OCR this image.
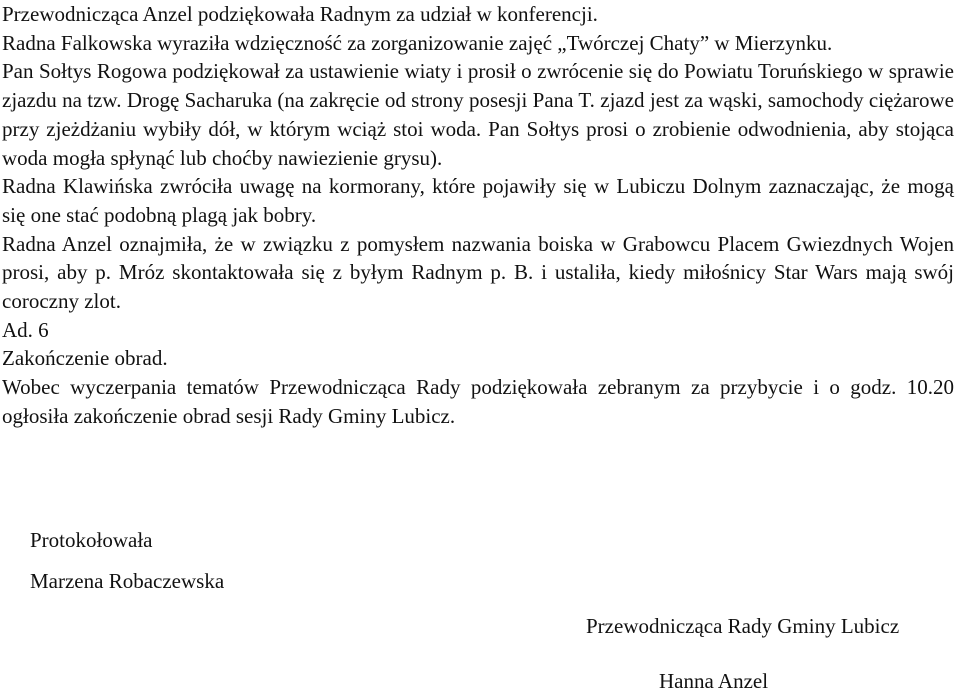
Przewodnicząca Anzel podziękowała Radnym za udział w konferencji.

Radna Falkowska wyraziła wdzięczność za zorganizowanie zajęć „Twórczej Chaty” w Mierzynku.

Pan Sołtys Rogowa podziękował za ustawienie wiaty i prosił o zwrócenie się do Powiatu Toruńskiego w sprawie zjazdu na tzw. Drogę Sacharuka (na zakręcie od strony posesji Pana T. zjazd jest za wąski, samochody ciężarowe przy zjeżdżaniu wybiły dół, w którym wciąż stoi woda. Pan Sołtys prosi o zrobienie odwodnienia, aby stojąca woda mogła spłynąć lub choćby nawiezienie grysu).

Radna Klawińska zwróciła uwagę na kormorany, które pojawiły się w Lubiczu Dolnym zaznaczając, że mogą się one stać podobną plagą jak bobry.

Radna Anzel oznajmiła, że w związku z pomysłem nazwania boiska w Grabowcu Placem Gwiezdnych Wojen prosi, aby p. Mróz skontaktowała się z byłym Radnym p. B. i ustaliła, kiedy miłośnicy Star Wars mają swój coroczny zlot.

Ad. 6

Zakończenie obrad.

Wobec wyczerpania tematów Przewodnicząca Rady podziękowała zebranym za przybycie i o godz. 10.20 ogłosiła zakończenie obrad sesji Rady Gminy Lubicz.

Protokołowała
Marzena Robaczewska
Przewodnicząca Rady Gminy Lubicz
Hanna Anzel
